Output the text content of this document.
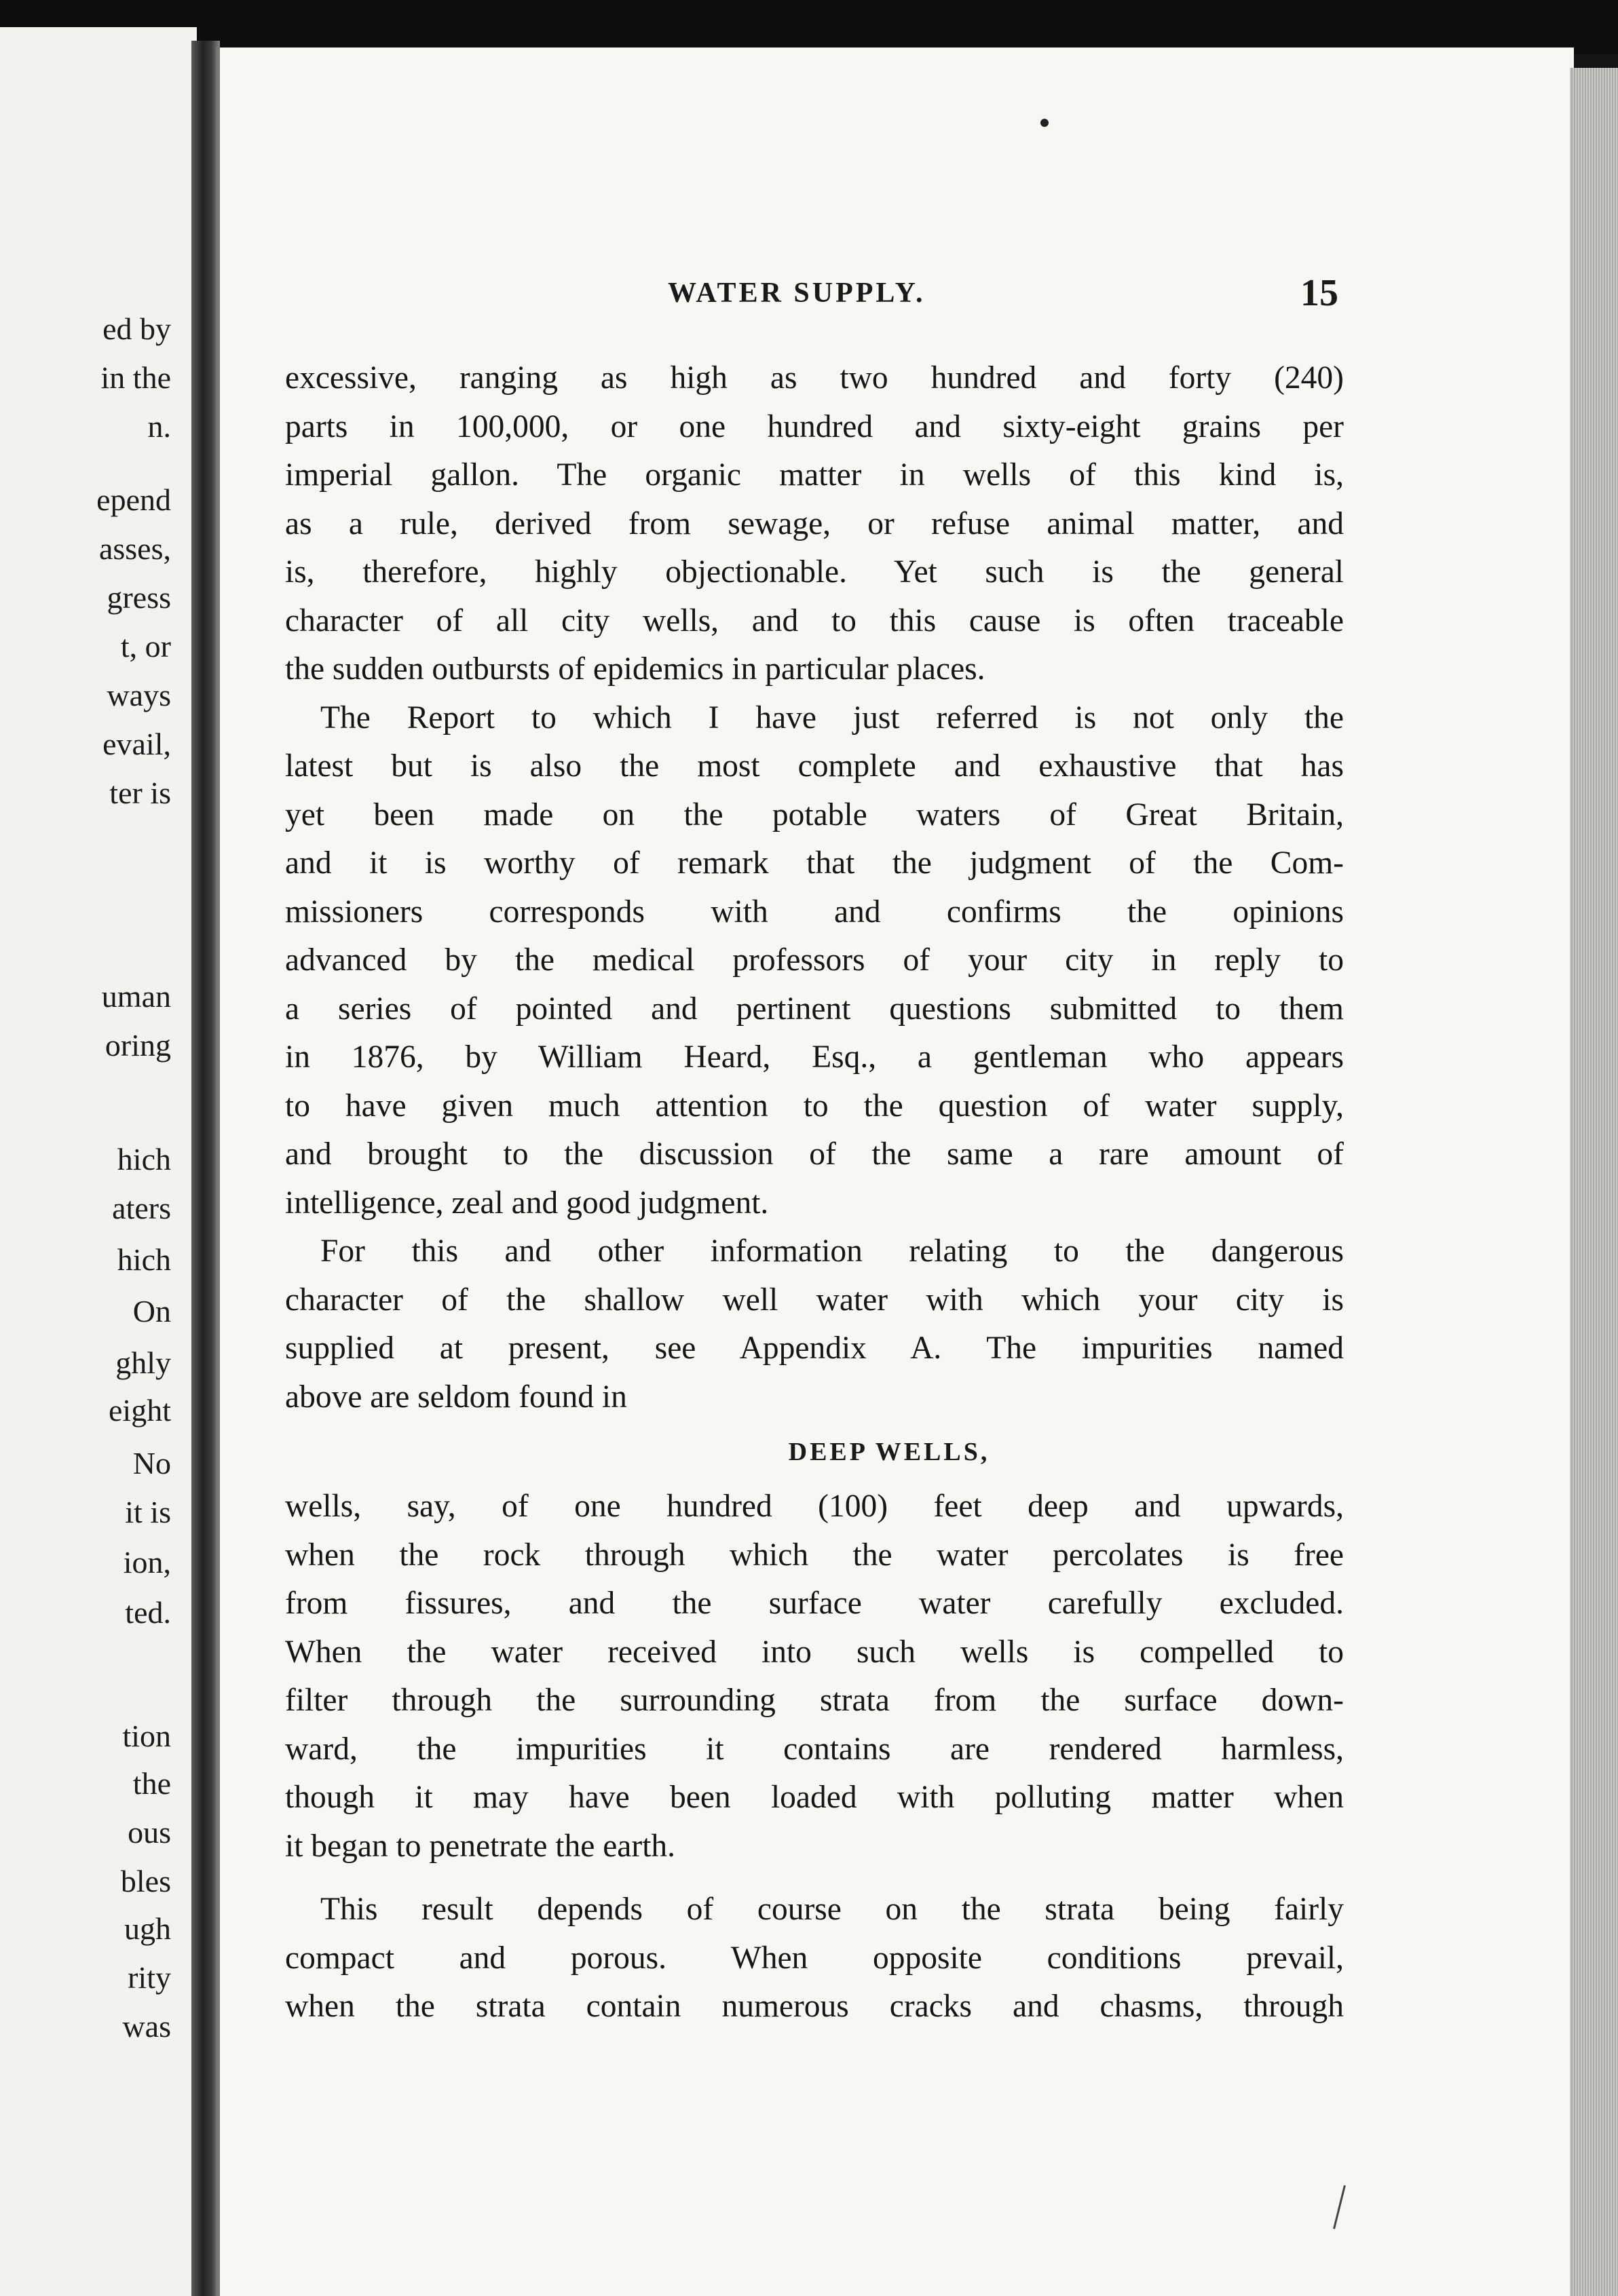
ed by
in the
n.
epend
asses,
gress
t, or
ways
evail,
ter is
uman
oring
hich
aters
hich
On
ghly
eight
No
it is
ion,
ted.
tion
the
ous
bles
ugh
rity
was
WATER SUPPLY.	15
excessive, ranging as high as two hundred and forty (240)
parts in 100,000, or one hundred and sixty-eight grains per
imperial gallon. The organic matter in wells of this kind is,
as a rule, derived from sewage, or refuse animal matter, and
is, therefore, highly objectionable. Yet such is the general
character of all city wells, and to this cause is often traceable
the sudden outbursts of epidemics in particular places.
The Report to which I have just referred is not only the
latest but is also the most complete and exhaustive that has
yet been made on the potable waters of Great Britain,
and it is worthy of remark that the judgment of the Com-
missioners corresponds with and confirms the opinions
advanced by the medical professors of your city in reply to
a series of pointed and pertinent questions submitted to them
in 1876, by William Heard, Esq., a gentleman who appears
to have given much attention to the question of water supply,
and brought to the discussion of the same a rare amount of
intelligence, zeal and good judgment.
For this and other information relating to the dangerous
character of the shallow well water with which your city is
supplied at present, see Appendix A. The impurities named
above are seldom found in
DEEP WELLS,
wells, say, of one hundred (100) feet deep and upwards,
when the rock through which the water percolates is free
from fissures, and the surface water carefully excluded.
When the water received into such wells is compelled to
filter through the surrounding strata from the surface down-
ward, the impurities it contains are rendered harmless,
though it may have been loaded with polluting matter when
it began to penetrate the earth.
This result depends of course on the strata being fairly
compact and porous. When opposite conditions prevail,
when the strata contain numerous cracks and chasms, through
